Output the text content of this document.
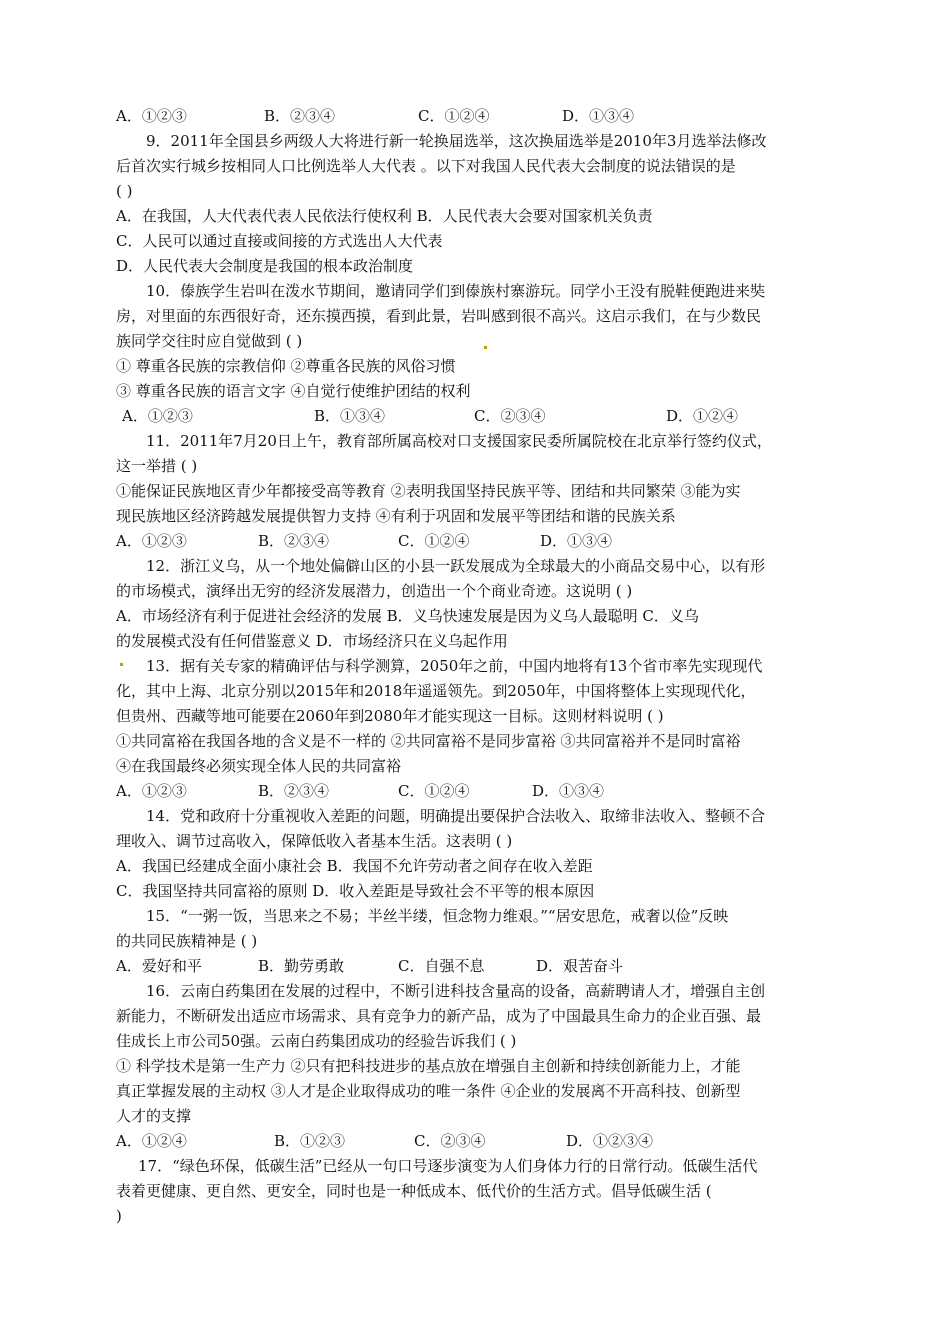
A．①②③	B．②③④	C．①②④	D．①③④
9．2011年全国县乡两级人大将进行新一轮换届选举，这次换届选举是2010年3月选举法修改
后首次实行城乡按相同人口比例选举人大代表 。以下对我国人民代表大会制度的说法错误的是
( )
A．在我国，人大代表代表人民依法行使权利 B．人民代表大会要对国家机关负责
C．人民可以通过直接或间接的方式选出人大代表
D．人民代表大会制度是我国的根本政治制度
10．傣族学生岩叫在泼水节期间，邀请同学们到傣族村寨游玩。同学小王没有脱鞋便跑进来奘
房，对里面的东西很好奇，还东摸西摸，看到此景，岩叫感到很不高兴。这启示我们，在与少数民
族同学交往时应自觉做到 ( )
① 尊重各民族的宗教信仰 ②尊重各民族的风俗习惯
③ 尊重各民族的语言文字 ④自觉行使维护团结的权利
A．①②③	B．①③④	C．②③④	D．①②④
11．2011年7月20日上午，教育部所属高校对口支援国家民委所属院校在北京举行签约仪式，
这一举措 ( )
①能保证民族地区青少年都接受高等教育 ②表明我国坚持民族平等、团结和共同繁荣 ③能为实
现民族地区经济跨越发展提供智力支持 ④有利于巩固和发展平等团结和谐的民族关系
A．①②③	B．②③④	C．①②④	D．①③④
12．浙江义乌，从一个地处偏僻山区的小县一跃发展成为全球最大的小商品交易中心，以有形
的市场模式，演绎出无穷的经济发展潜力，创造出一个个商业奇迹。这说明 ( )
A．市场经济有利于促进社会经济的发展 B．义乌快速发展是因为义乌人最聪明 C．义乌
的发展模式没有任何借鉴意义 D．市场经济只在义乌起作用
13．据有关专家的精确评估与科学测算，2050年之前，中国内地将有13个省市率先实现现代
化，其中上海、北京分别以2015年和2018年遥遥领先。到2050年，中国将整体上实现现代化，
但贵州、西藏等地可能要在2060年到2080年才能实现这一目标。这则材料说明 ( )
①共同富裕在我国各地的含义是不一样的 ②共同富裕不是同步富裕 ③共同富裕并不是同时富裕
④在我国最终必须实现全体人民的共同富裕
A．①②③	B．②③④	C．①②④	D．①③④
14．党和政府十分重视收入差距的问题，明确提出要保护合法收入、取缔非法收入、整顿不合
理收入、调节过高收入，保障低收入者基本生活。这表明 ( )
A．我国已经建成全面小康社会 B．我国不允许劳动者之间存在收入差距
C．我国坚持共同富裕的原则 D．收入差距是导致社会不平等的根本原因
15．“一粥一饭，当思来之不易；半丝半缕，恒念物力维艰。”“居安思危，戒奢以俭”反映
的共同民族精神是 ( )
A．爱好和平	B．勤劳勇敢	C．自强不息	D．艰苦奋斗
16．云南白药集团在发展的过程中，不断引进科技含量高的设备，高薪聘请人才，增强自主创
新能力，不断研发出适应市场需求、具有竞争力的新产品，成为了中国最具生命力的企业百强、最
佳成长上市公司50强。云南白药集团成功的经验告诉我们 ( )
① 科学技术是第一生产力 ②只有把科技进步的基点放在增强自主创新和持续创新能力上，才能
真正掌握发展的主动权 ③人才是企业取得成功的唯一条件 ④企业的发展离不开高科技、创新型
人才的支撑
A．①②④	B．①②③	C．②③④	D．①②③④
17．“绿色环保，低碳生活”已经从一句口号逐步演变为人们身体力行的日常行动。低碳生活代
表着更健康、更自然、更安全，同时也是一种低成本、低代价的生活方式。倡导低碳生活 (
)
